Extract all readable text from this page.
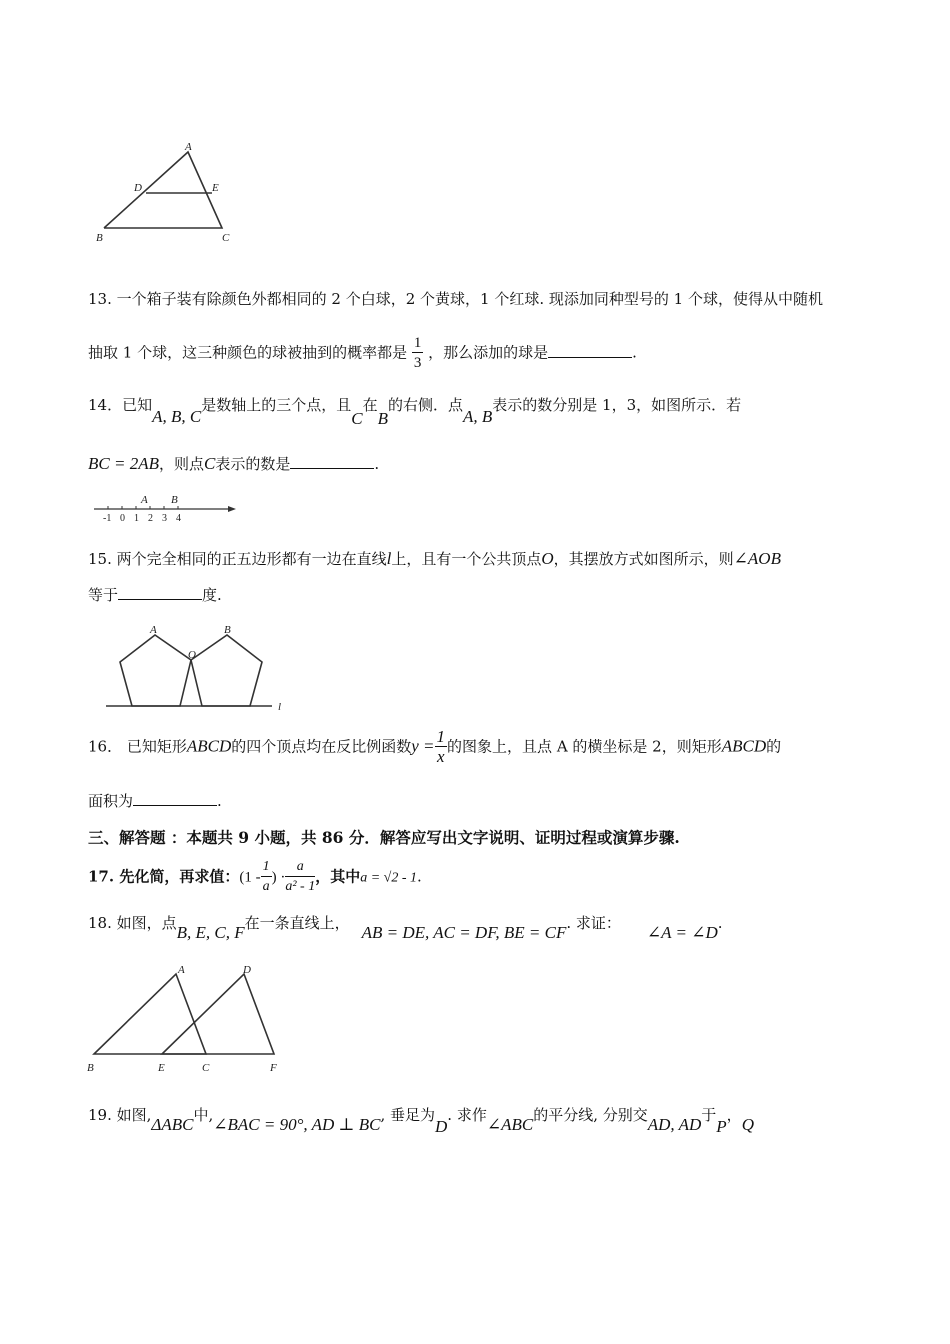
A
D	E
B	C
13. 一个箱子装有除颜色外都相同的 2 个白球，2 个黄球，1 个红球. 现添加同种型号的 1 个球，使得从中随机
抽取 1 个球，这三种颜色的球被抽到的概率都是 $\frac{1}{3}$ ，那么添加的球是	.
14．已知A, B, C是数轴上的三个点，且C在B的右侧．点A, B表示的数分别是 1，3，如图所示．若
BC = 2AB，则点C表示的数是	.
A B
-1 0 1 2 3 4
15. 两个完全相同的正五边形都有一边在直线l上，且有一个公共顶点O，其摆放方式如图所示，则∠AOB
等于	度.
A
O
B
l
16． 已知矩形ABCD的四个顶点均在反比例函数$y = \frac{1}{x}$ 的图象上，且点 A 的横坐标是 2，则矩形ABCD的
面积为	.
三、解答题 ：本题共 9 小题，共 86 分．解答应写出文字说明、证明过程或演算步骤.
17. 先化简，再求值：($1 - \frac{1}{a}$ ) · $\frac{a}{\text{a² - 1}}$ ，其中a = √2 - 1.
18. 如图，点B, E, C, F在一条直线上， AB = DE, AC = DF, BE = CF. 求证： ∠A = ∠D.
A	D
B	E	C	F
19. 如图,ΔABC中,∠BAC = 90°, AD ⊥ BC, 垂足为D. 求作∠ABC的平分线, 分别交AD, AD于P，Q
